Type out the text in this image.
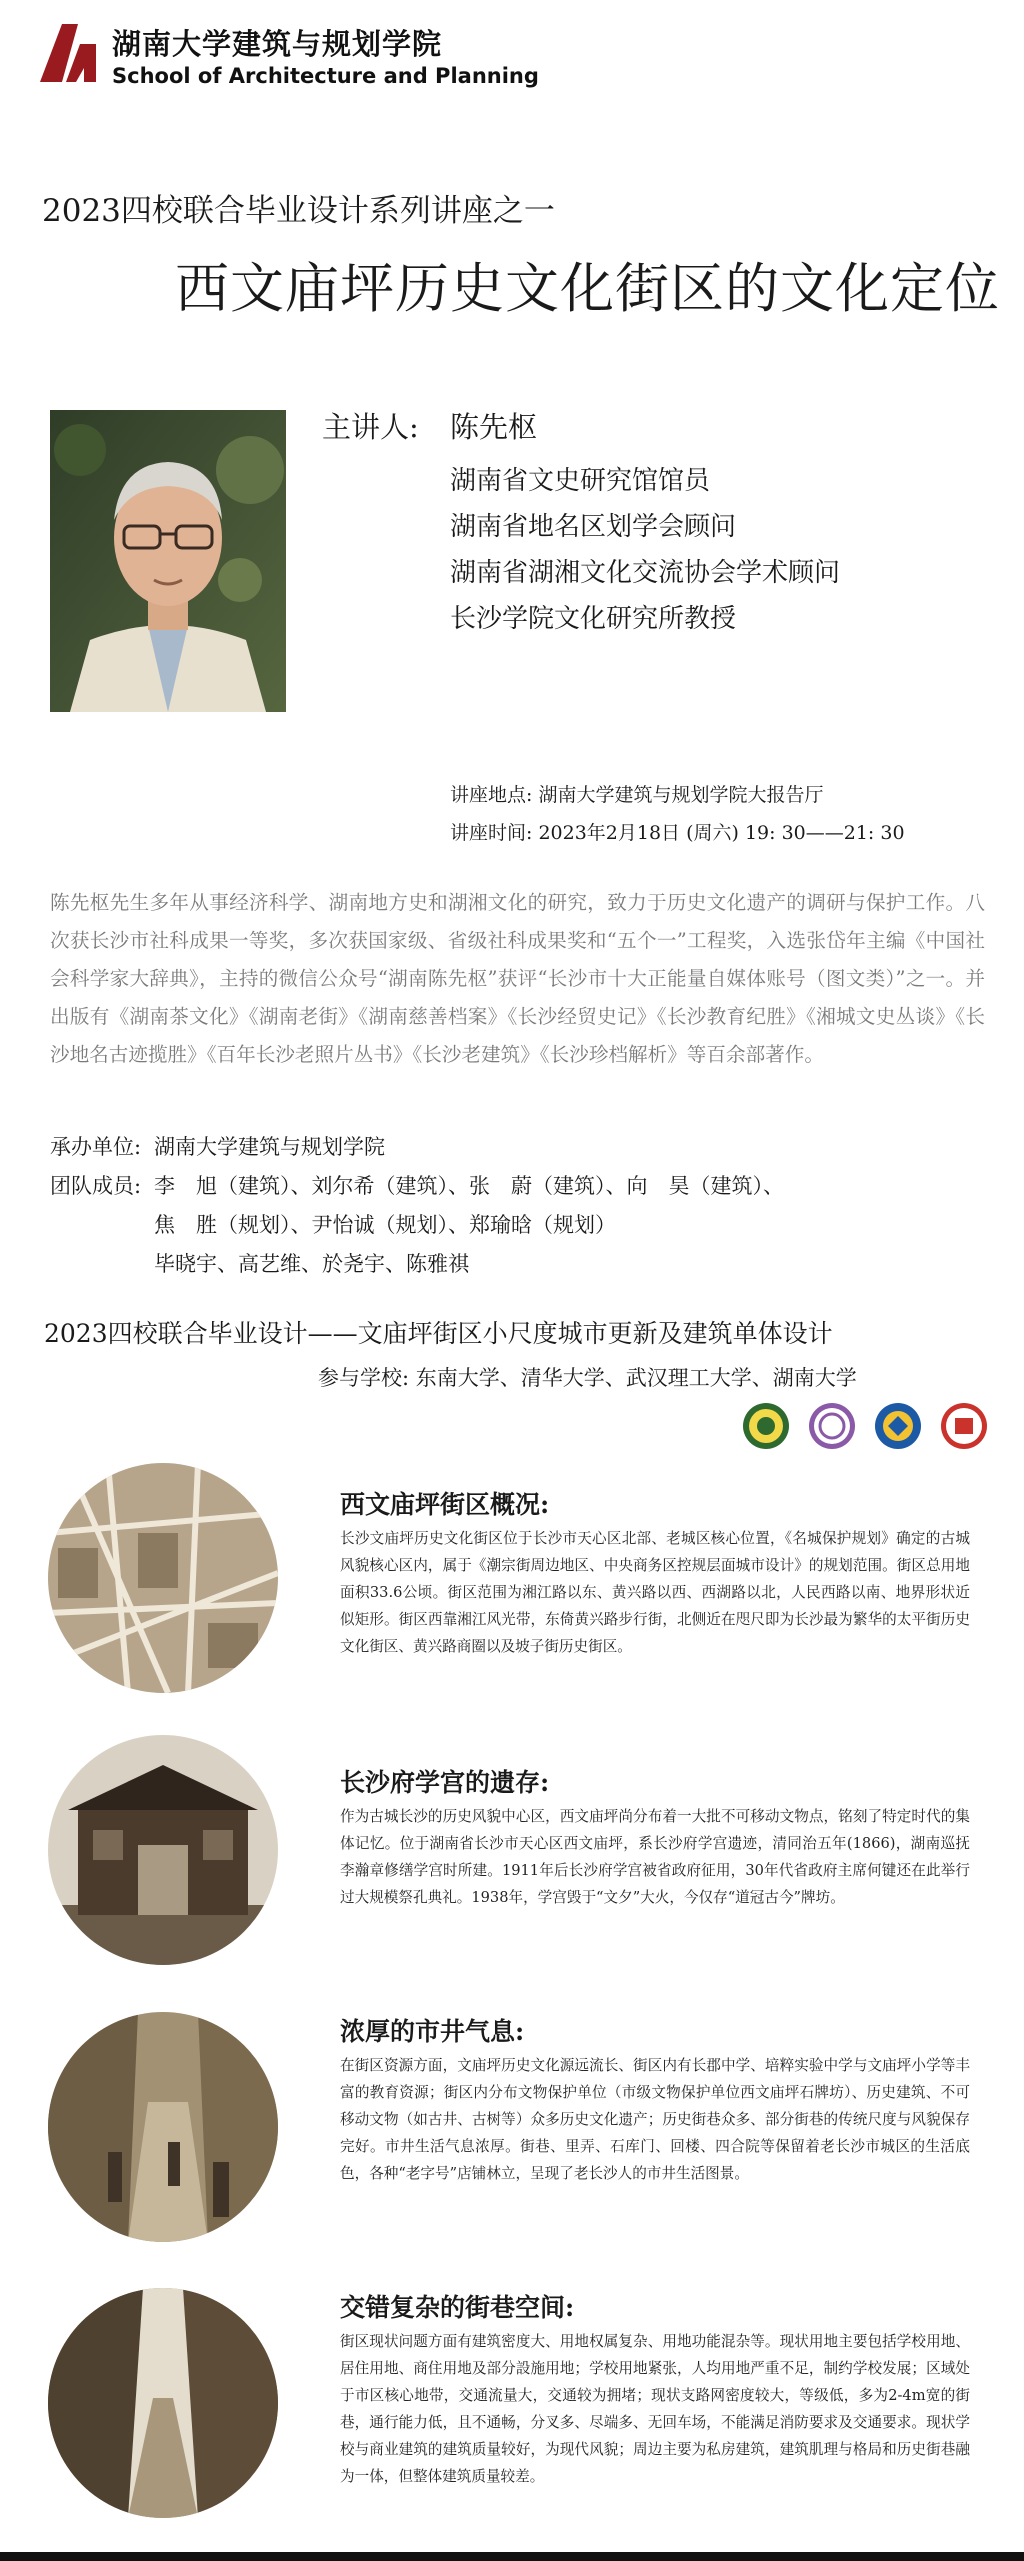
湖南大学建筑与规划学院
School of Architecture and Planning
2023四校联合毕业设计系列讲座之一
西文庙坪历史文化街区的文化定位
主讲人: 陈先枢
湖南省文史研究馆馆员
湖南省地名区划学会顾问
湖南省湖湘文化交流协会学术顾问
长沙学院文化研究所教授
讲座地点: 湖南大学建筑与规划学院大报告厅
讲座时间: 2023年2月18日 (周六) 19: 30——21: 30
陈先枢先生多年从事经济科学、湖南地方史和湖湘文化的研究，致力于历史文化遗产的调研与保护工作。八次获长沙市社科成果一等奖，多次获国家级、省级社科成果奖和“五个一”工程奖，入选张岱年主编《中国社会科学家大辞典》，主持的微信公众号“湖南陈先枢”获评“长沙市十大正能量自媒体账号（图文类）”之一。并出版有《湖南茶文化》《湖南老街》《湖南慈善档案》《长沙经贸史记》《长沙教育纪胜》《湘城文史丛谈》《长沙地名古迹揽胜》《百年长沙老照片丛书》《长沙老建筑》《长沙珍档解析》等百余部著作。
承办单位: 湖南大学建筑与规划学院
团队成员: 李　旭（建筑）、刘尔希（建筑）、张　蔚（建筑）、向　昊（建筑）、
焦　胜（规划）、尹怡诚（规划）、郑瑜晗（规划）
毕晓宇、高艺维、於尧宇、陈雅祺
2023四校联合毕业设计——文庙坪街区小尺度城市更新及建筑单体设计
参与学校: 东南大学、清华大学、武汉理工大学、湖南大学
西文庙坪街区概况:
长沙文庙坪历史文化街区位于长沙市天心区北部、老城区核心位置，《名城保护规划》确定的古城风貌核心区内，属于《潮宗街周边地区、中央商务区控规层面城市设计》的规划范围。街区总用地面积33.6公顷。街区范围为湘江路以东、黄兴路以西、西湖路以北，人民西路以南、地界形状近似矩形。街区西靠湘江风光带，东倚黄兴路步行街，北侧近在咫尺即为长沙最为繁华的太平街历史文化街区、黄兴路商圈以及坡子街历史街区。
长沙府学宫的遗存:
作为古城长沙的历史风貌中心区，西文庙坪尚分布着一大批不可移动文物点，铭刻了特定时代的集体记忆。位于湖南省长沙市天心区西文庙坪，系长沙府学宫遗迹，清同治五年(1866)，湖南巡抚李瀚章修缮学宫时所建。1911年后长沙府学宫被省政府征用，30年代省政府主席何键还在此举行过大规模祭孔典礼。1938年，学宫毁于“文夕”大火，今仅存“道冠古今”牌坊。
浓厚的市井气息:
在街区资源方面，文庙坪历史文化源远流长、街区内有长郡中学、培粹实验中学与文庙坪小学等丰富的教育资源；街区内分布文物保护单位（市级文物保护单位西文庙坪石牌坊）、历史建筑、不可移动文物（如古井、古树等）众多历史文化遗产；历史街巷众多、部分街巷的传统尺度与风貌保存完好。市井生活气息浓厚。街巷、里弄、石库门、回楼、四合院等保留着老长沙市城区的生活底色，各种“老字号”店铺林立，呈现了老长沙人的市井生活图景。
交错复杂的街巷空间:
街区现状问题方面有建筑密度大、用地权属复杂、用地功能混杂等。现状用地主要包括学校用地、居住用地、商住用地及部分設施用地；学校用地紧张，人均用地严重不足，制约学校发展；区域处于市区核心地带，交通流量大，交通较为拥堵；现状支路网密度较大，等级低，多为2-4m宽的街巷，通行能力低，且不通畅，分叉多、尽端多、无回车场，不能满足消防要求及交通要求。现状学校与商业建筑的建筑质量较好，为现代风貌；周边主要为私房建筑，建筑肌理与格局和历史街巷融为一体，但整体建筑质量较差。
